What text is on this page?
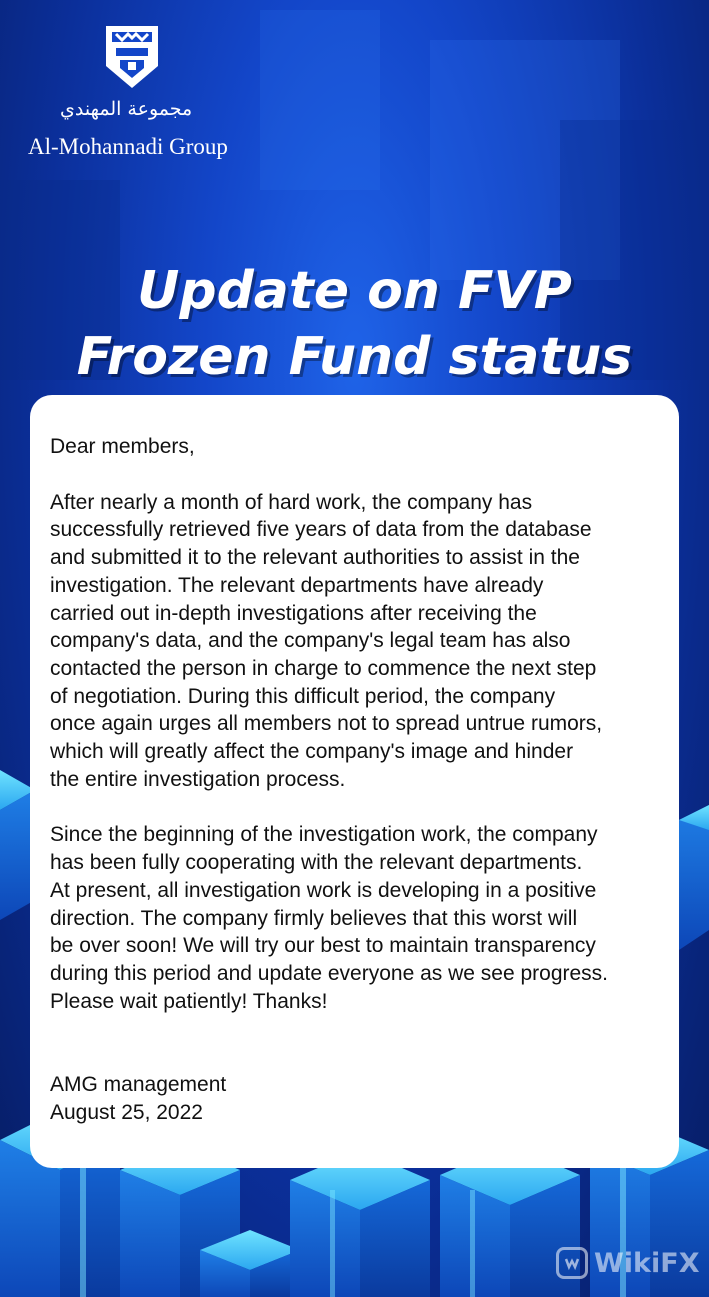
مجموعة المهندي
Al-Mohannadi Group
Update on FVP
Frozen Fund status

Dear members,

After nearly a month of hard work, the company has
successfully retrieved five years of data from the database
and submitted it to the relevant authorities to assist in the
investigation. The relevant departments have already
carried out in-depth investigations after receiving the
company's data, and the company's legal team has also
contacted the person in charge to commence the next step
of negotiation. During this difficult period, the company
once again urges all members not to spread untrue rumors,
which will greatly affect the company's image and hinder
the entire investigation process.

Since the beginning of the investigation work, the company
has been fully cooperating with the relevant departments.
At present, all investigation work is developing in a positive
direction. The company firmly believes that this worst will
be over soon! We will try our best to maintain transparency
during this period and update everyone as we see progress.
Please wait patiently! Thanks!

AMG management

August 25, 2022

WikiFX
